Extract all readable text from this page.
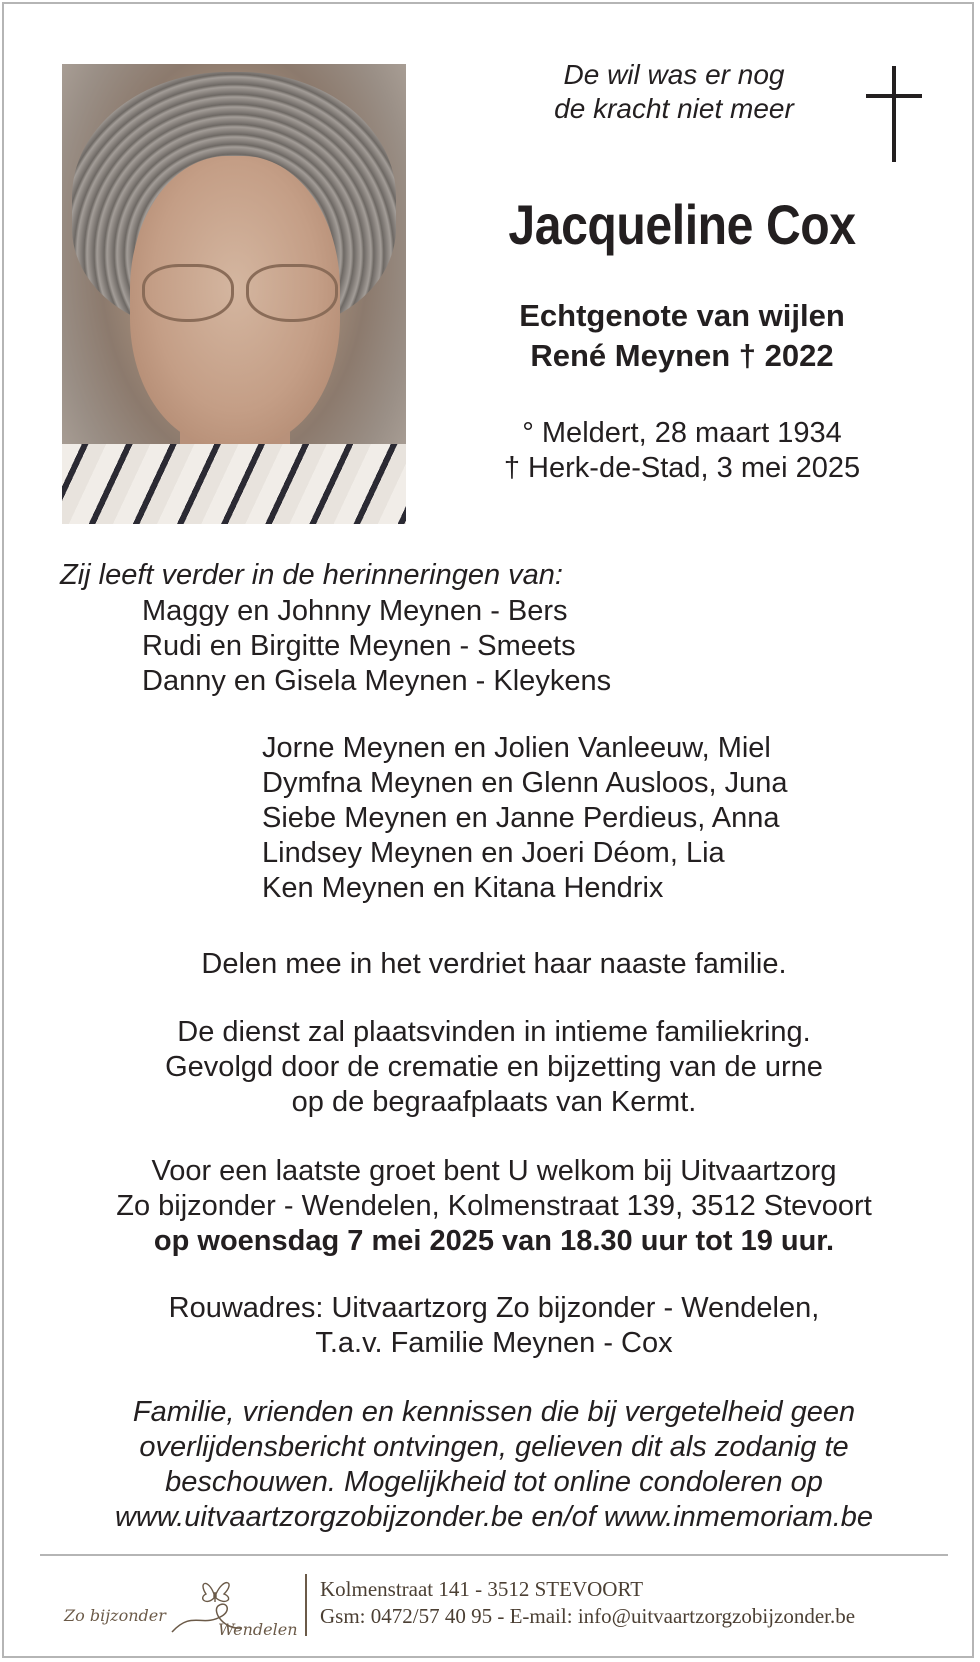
De wil was er nog
de kracht niet meer
Jacqueline Cox
Echtgenote van wijlen
René Meynen † 2022
° Meldert, 28 maart 1934
† Herk-de-Stad, 3 mei 2025
Zij leeft verder in de herinneringen van:
Maggy en Johnny Meynen - Bers
Rudi en Birgitte Meynen - Smeets
Danny en Gisela Meynen - Kleykens
Jorne Meynen en Jolien Vanleeuw, Miel
Dymfna Meynen en Glenn Ausloos, Juna
Siebe Meynen en Janne Perdieus, Anna
Lindsey Meynen en Joeri Déom, Lia
Ken Meynen en Kitana Hendrix
Delen mee in het verdriet haar naaste familie.
De dienst zal plaatsvinden in intieme familiekring.
Gevolgd door de crematie en bijzetting van de urne
op de begraafplaats van Kermt.
Voor een laatste groet bent U welkom bij Uitvaartzorg
Zo bijzonder - Wendelen, Kolmenstraat 139, 3512 Stevoort
op woensdag 7 mei 2025 van 18.30 uur tot 19 uur.
Rouwadres: Uitvaartzorg Zo bijzonder - Wendelen,
T.a.v. Familie Meynen - Cox
Familie, vrienden en kennissen die bij vergetelheid geen
overlijdensbericht ontvingen, gelieven dit als zodanig te
beschouwen. Mogelijkheid tot online condoleren op
www.uitvaartzorgzobijzonder.be en/of www.inmemoriam.be
Zo bijzonder
Wendelen
Kolmenstraat 141 - 3512 STEVOORT
Gsm: 0472/57 40 95 - E-mail: info@uitvaartzorgzobijzonder.be
